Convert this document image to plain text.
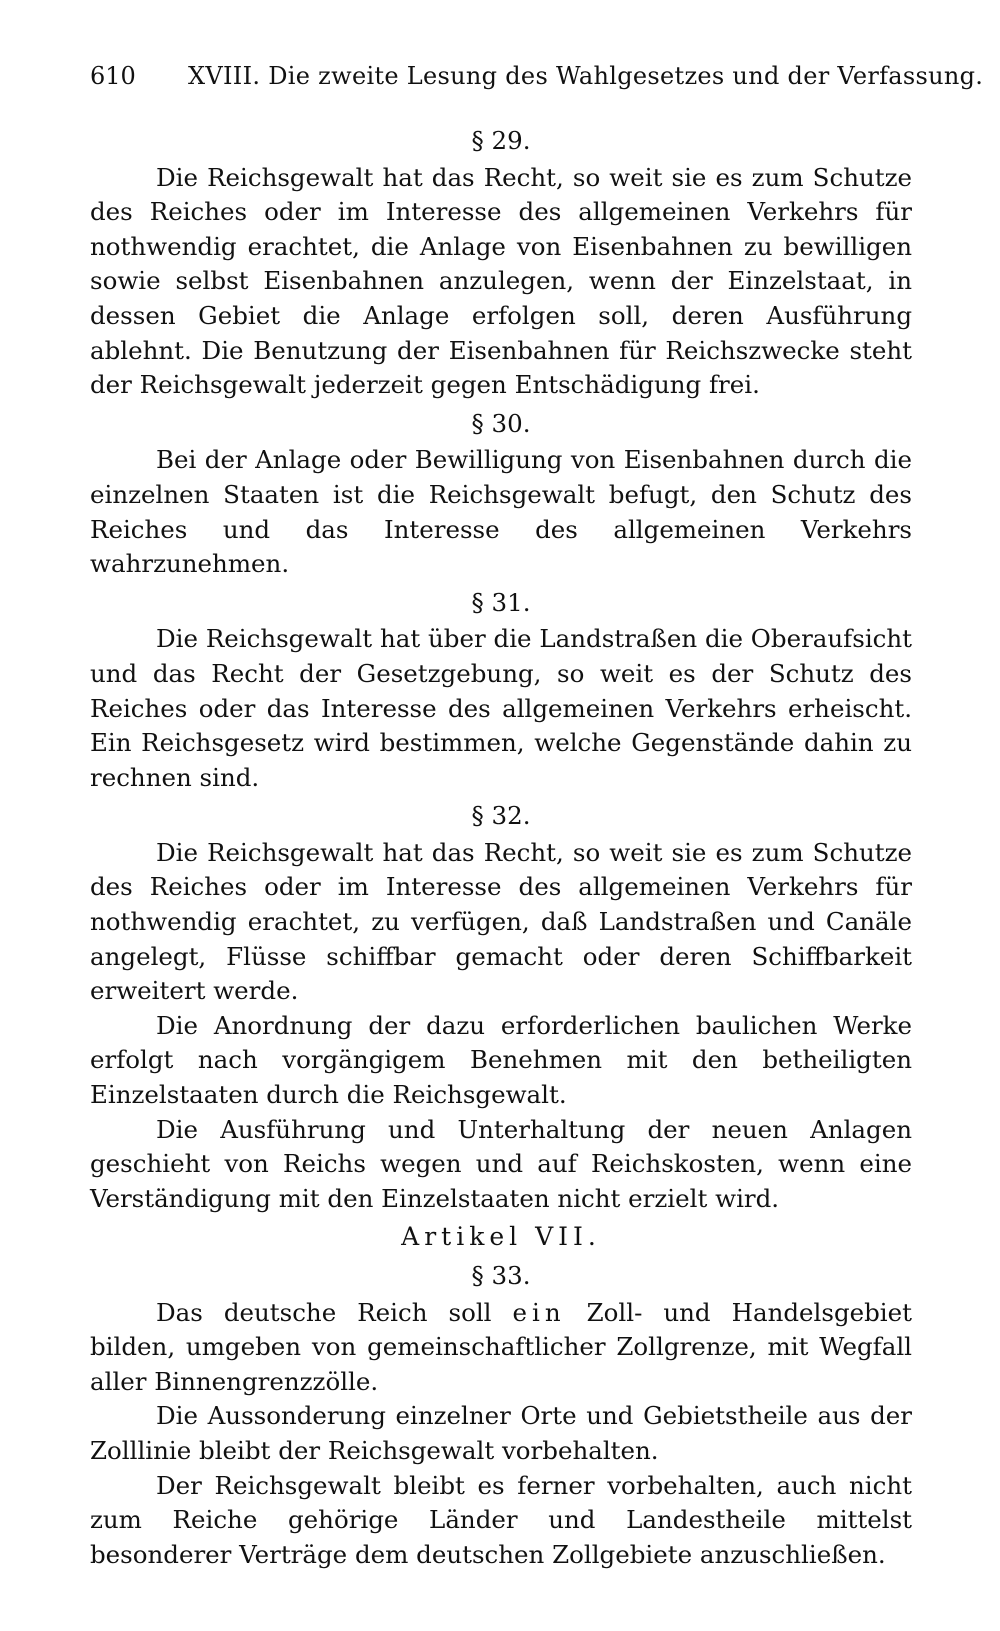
610 XVIII. Die zweite Lesung des Wahlgesetzes und der Verfassung.
§ 29.

Die Reichsgewalt hat das Recht, so weit sie es zum Schutze des Reiches oder im Interesse des allgemeinen Verkehrs für nothwendig erachtet, die Anlage von Eisenbahnen zu bewilligen sowie selbst Eisenbahnen anzulegen, wenn der Einzelstaat, in dessen Gebiet die Anlage erfolgen soll, deren Ausführung ablehnt. Die Benutzung der Eisenbahnen für Reichszwecke steht der Reichsgewalt jederzeit gegen Entschädigung frei.

§ 30.

Bei der Anlage oder Bewilligung von Eisenbahnen durch die einzelnen Staaten ist die Reichsgewalt befugt, den Schutz des Reiches und das Interesse des allgemeinen Verkehrs wahrzunehmen.

§ 31.

Die Reichsgewalt hat über die Landstraßen die Oberaufsicht und das Recht der Gesetzgebung, so weit es der Schutz des Reiches oder das Interesse des allgemeinen Verkehrs erheischt. Ein Reichsgesetz wird bestimmen, welche Gegenstände dahin zu rechnen sind.

§ 32.

Die Reichsgewalt hat das Recht, so weit sie es zum Schutze des Reiches oder im Interesse des allgemeinen Verkehrs für nothwendig erachtet, zu verfügen, daß Landstraßen und Canäle angelegt, Flüsse schiffbar gemacht oder deren Schiffbarkeit erweitert werde.

Die Anordnung der dazu erforderlichen baulichen Werke erfolgt nach vorgängigem Benehmen mit den betheiligten Einzelstaaten durch die Reichsgewalt.

Die Ausführung und Unterhaltung der neuen Anlagen geschieht von Reichs wegen und auf Reichskosten, wenn eine Verständigung mit den Einzelstaaten nicht erzielt wird.

Artikel VII.
§ 33.

Das deutsche Reich soll ein Zoll- und Handelsgebiet bilden, umgeben von gemeinschaftlicher Zollgrenze, mit Wegfall aller Binnengrenzzölle.

Die Aussonderung einzelner Orte und Gebietstheile aus der Zolllinie bleibt der Reichsgewalt vorbehalten.

Der Reichsgewalt bleibt es ferner vorbehalten, auch nicht zum Reiche gehörige Länder und Landestheile mittelst besonderer Verträge dem deutschen Zollgebiete anzuschließen.
